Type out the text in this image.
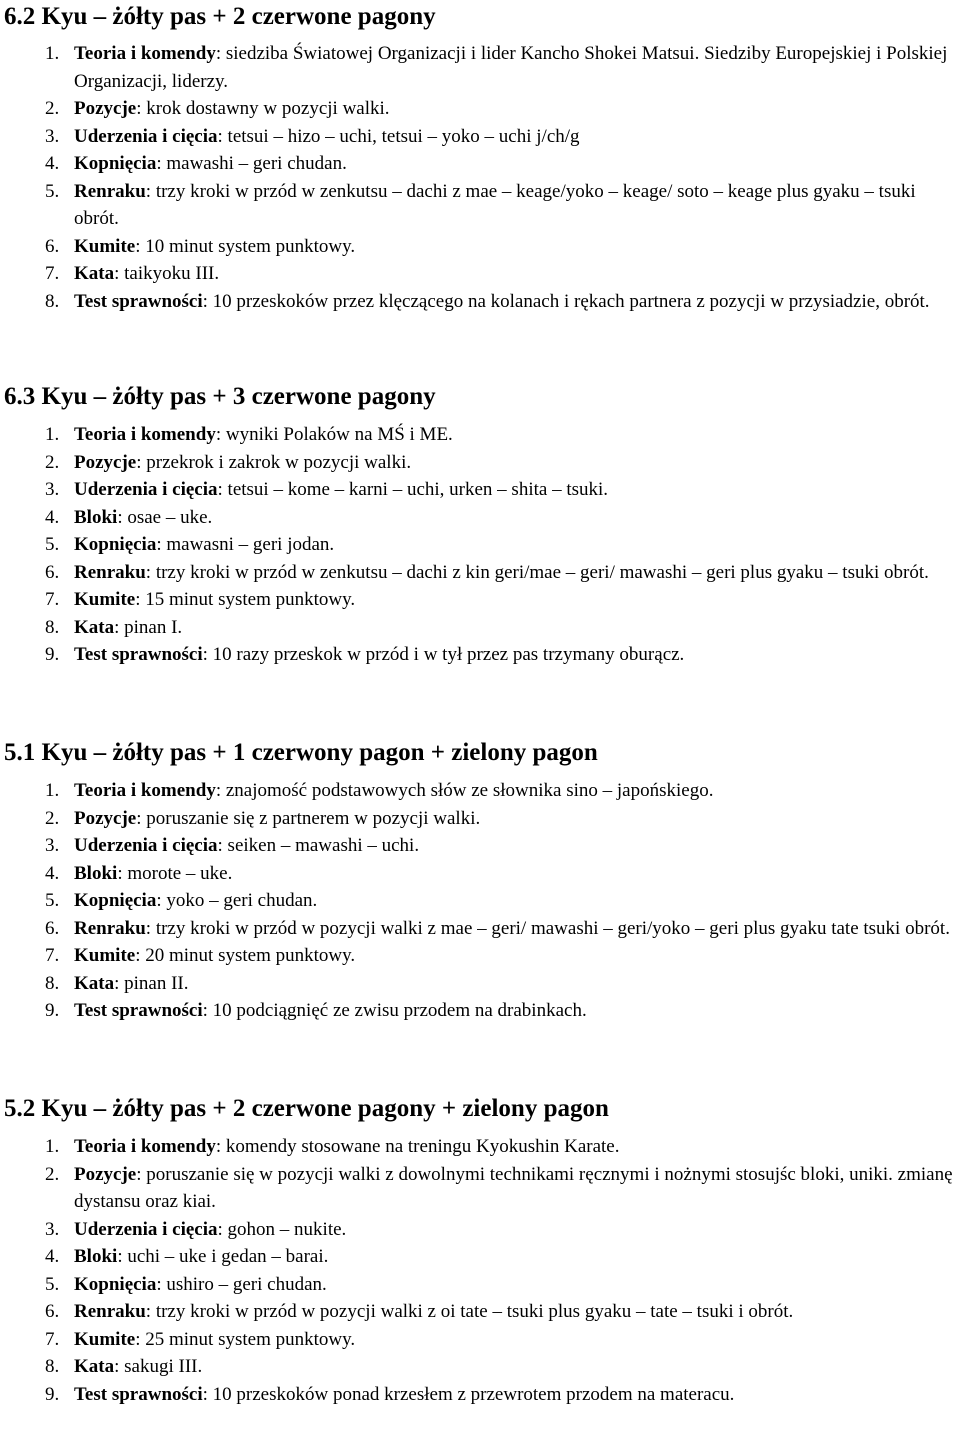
6.2 Kyu – żółty pas + 2 czerwone pagony
1. Teoria i komendy: siedziba Światowej Organizacji i lider Kancho Shokei Matsui. Siedziby Europejskiej i Polskiej Organizacji, liderzy.
2. Pozycje: krok dostawny w pozycji walki.
3. Uderzenia i cięcia: tetsui – hizo – uchi, tetsui – yoko – uchi j/ch/g
4. Kopnięcia: mawashi – geri chudan.
5. Renraku: trzy kroki w przód w zenkutsu – dachi z mae – keage/yoko – keage/ soto – keage plus gyaku – tsuki obrót.
6. Kumite: 10 minut system punktowy.
7. Kata: taikyoku III.
8. Test sprawności: 10 przeskoków przez klęczącego na kolanach i rękach partnera z pozycji w przysiadzie, obrót.
6.3 Kyu – żółty pas + 3 czerwone pagony
1. Teoria i komendy: wyniki Polaków na MŚ i ME.
2. Pozycje: przekrok i zakrok w pozycji walki.
3. Uderzenia i cięcia: tetsui – kome – karni – uchi, urken – shita – tsuki.
4. Bloki: osae – uke.
5. Kopnięcia: mawasni – geri jodan.
6. Renraku: trzy kroki w przód w zenkutsu – dachi z kin geri/mae – geri/ mawashi – geri plus gyaku – tsuki obrót.
7. Kumite: 15 minut system punktowy.
8. Kata: pinan I.
9. Test sprawności: 10 razy przeskok w przód i w tył przez pas trzymany oburącz.
5.1 Kyu – żółty pas + 1 czerwony pagon + zielony pagon
1. Teoria i komendy: znajomość podstawowych słów ze słownika sino – japońskiego.
2. Pozycje: poruszanie się z partnerem w pozycji walki.
3. Uderzenia i cięcia: seiken – mawashi – uchi.
4. Bloki: morote – uke.
5. Kopnięcia: yoko – geri chudan.
6. Renraku: trzy kroki w przód w pozycji walki z mae – geri/ mawashi – geri/yoko – geri plus gyaku tate tsuki obrót.
7. Kumite: 20 minut system punktowy.
8. Kata: pinan II.
9. Test sprawności: 10 podciągnięć ze zwisu przodem na drabinkach.
5.2 Kyu – żółty pas + 2 czerwone pagony + zielony pagon
1. Teoria i komendy: komendy stosowane na treningu Kyokushin Karate.
2. Pozycje: poruszanie się w pozycji walki z dowolnymi technikami ręcznymi i nożnymi stosujśc bloki, uniki. zmianę dystansu oraz kiai.
3. Uderzenia i cięcia: gohon – nukite.
4. Bloki: uchi – uke i gedan – barai.
5. Kopnięcia: ushiro – geri chudan.
6. Renraku: trzy kroki w przód w pozycji walki z oi tate – tsuki plus gyaku – tate – tsuki i obrót.
7. Kumite: 25 minut system punktowy.
8. Kata: sakugi III.
9. Test sprawności: 10 przeskoków ponad krzesłem z przewrotem przodem na materacu.
